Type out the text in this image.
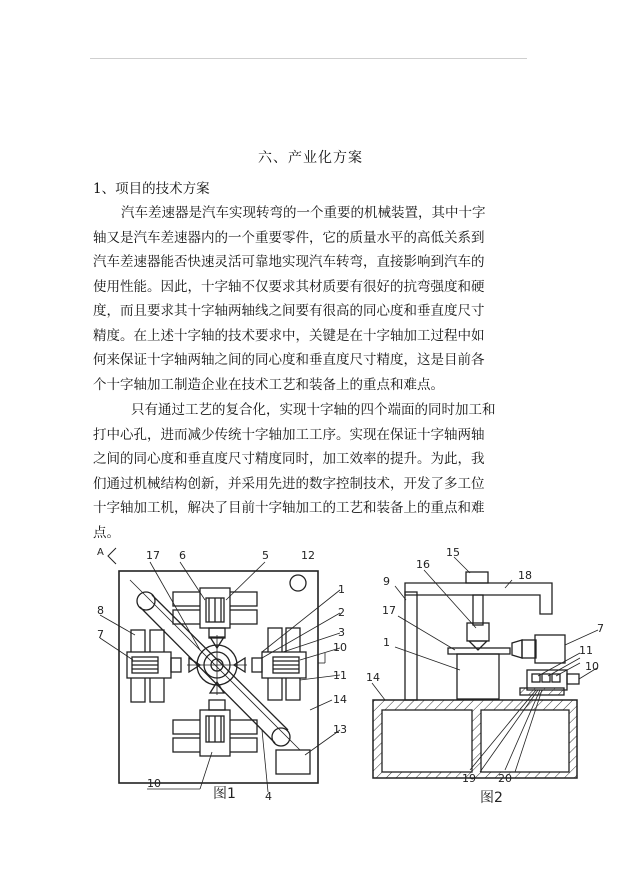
六、产业化方案
1、项目的技术方案
汽车差速器是汽车实现转弯的一个重要的机械装置，其中十字
轴又是汽车差速器内的一个重要零件，它的质量水平的高低关系到
汽车差速器能否快速灵活可靠地实现汽车转弯，直接影响到汽车的
使用性能。因此，十字轴不仅要求其材质要有很好的抗弯强度和硬
度，而且要求其十字轴两轴线之间要有很高的同心度和垂直度尺寸
精度。在上述十字轴的技术要求中，关键是在十字轴加工过程中如
何来保证十字轴两轴之间的同心度和垂直度尺寸精度，这是目前各
个十字轴加工制造企业在技术工艺和装备上的重点和难点。
只有通过工艺的复合化，实现十字轴的四个端面的同时加工和
打中心孔，进而减少传统十字轴加工工序。实现在保证十字轴两轴
之间的同心度和垂直度尺寸精度同时，加工效率的提升。为此，我
们通过机械结构创新，并采用先进的数字控制技术，开发了多工位
十字轴加工机，解决了目前十字轴加工的工艺和装备上的重点和难
点。
A	17 6	5	12
1
2
3
10
11
14
13
8
7
10
4
图1
15
16
18
9
17
1
7
11
10
14
19 20
图2
